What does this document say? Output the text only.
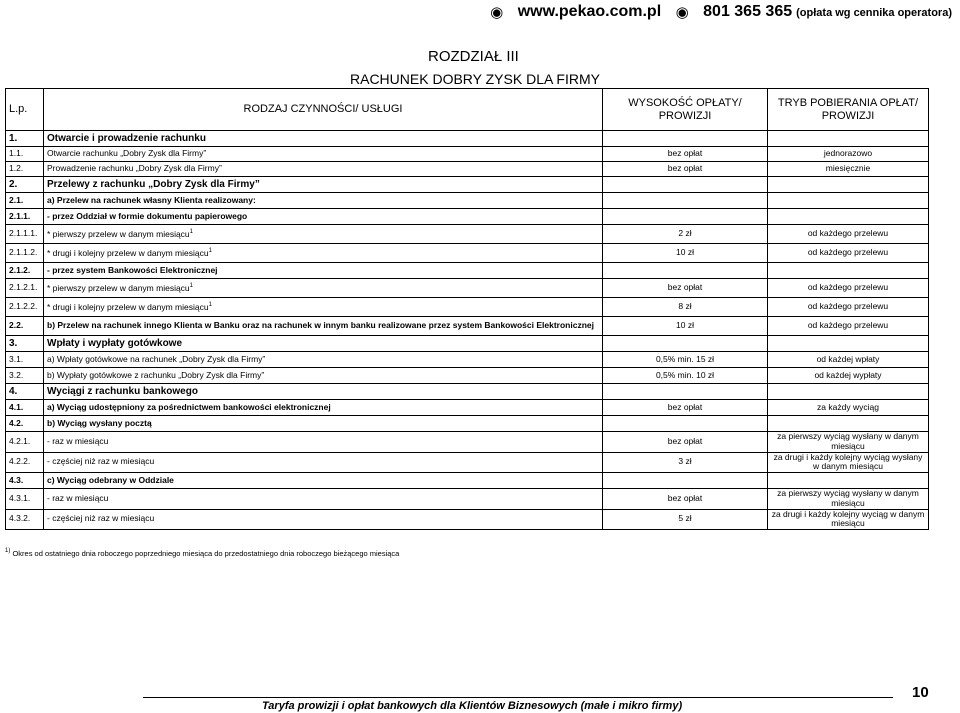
◉ www.pekao.com.pl ◉ 801 365 365 (opłata wg cennika operatora)
ROZDZIAŁ III
RACHUNEK DOBRY ZYSK DLA FIRMY
L.p.	RODZAJ CZYNNOŚCI/ USŁUGI	WYSOKOŚĆ OPŁATY/ PROWIZJI	TRYB POBIERANIA OPŁAT/ PROWIZJI
1.	Otwarcie i prowadzenie rachunku		
1.1.	Otwarcie rachunku „Dobry Zysk dla Firmy”	bez opłat	jednorazowo
1.2.	Prowadzenie rachunku „Dobry Zysk dla Firmy”	bez opłat	miesięcznie
2.	Przelewy z rachunku „Dobry Zysk dla Firmy”		
2.1.	a) Przelew na rachunek własny Klienta realizowany:		
2.1.1.	- przez Oddział w formie dokumentu papierowego		
2.1.1.1.	* pierwszy przelew w danym miesiącu$^1$	2 zł	od każdego przelewu
2.1.1.2.	* drugi i kolejny przelew w danym miesiącu$^1$	10 zł	od każdego przelewu
2.1.2.	- przez system Bankowości Elektronicznej		
2.1.2.1.	* pierwszy przelew w danym miesiącu$^1$	bez opłat	od każdego przelewu
2.1.2.2.	* drugi i kolejny przelew w danym miesiącu$^1$	8 zł	od każdego przelewu
2.2.	b) Przelew na rachunek innego Klienta w Banku oraz na rachunek w innym banku realizowane przez system Bankowości Elektronicznej	10 zł	od każdego przelewu
3.	Wpłaty i wypłaty gotówkowe		
3.1.	a) Wpłaty gotówkowe na rachunek „Dobry Zysk dla Firmy”	0,5% min. 15 zł	od każdej wpłaty
3.2.	b) Wypłaty gotówkowe z rachunku „Dobry Zysk dla Firmy”	0,5% min. 10 zł	od każdej wypłaty
4.	Wyciągi z rachunku bankowego		
4.1.	a) Wyciąg udostępniony za pośrednictwem bankowości elektronicznej	bez opłat	za każdy wyciąg
4.2.	b) Wyciąg wysłany pocztą		
4.2.1.	- raz w miesiącu	bez opłat	za pierwszy wyciąg wysłany w danym miesiącu
4.2.2.	- częściej niż raz w miesiącu	3 zł	za drugi i każdy kolejny wyciąg wysłany w danym miesiącu
4.3.	c) Wyciąg odebrany w Oddziale		
4.3.1.	- raz w miesiącu	bez opłat	za pierwszy wyciąg wysłany w danym miesiącu
4.3.2.	- częściej niż raz w miesiącu	5 zł	za drugi i każdy kolejny wyciąg w danym miesiącu
$^{1)}$ Okres od ostatniego dnia roboczego poprzedniego miesiąca do przedostatniego dnia roboczego bieżącego miesiąca
Taryfa prowizji i opłat bankowych dla Klientów Biznesowych (małe i mikro firmy)
10
